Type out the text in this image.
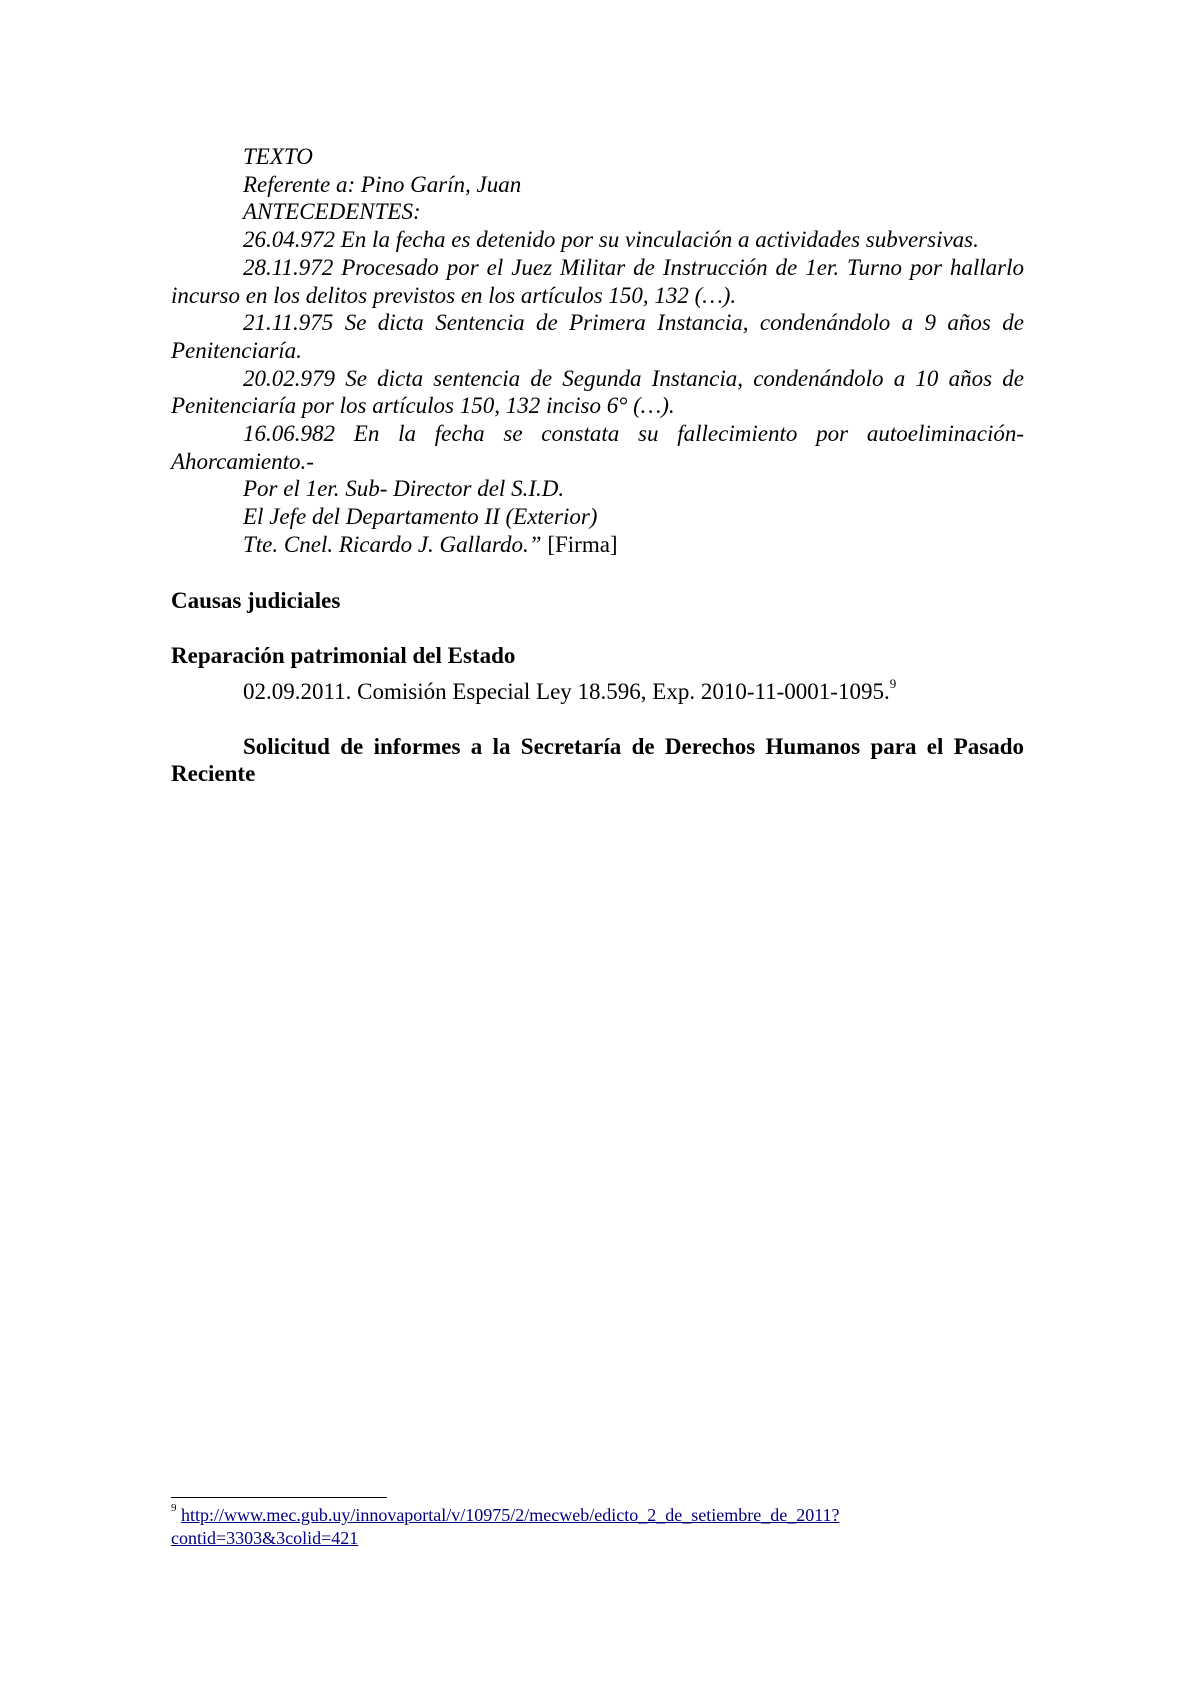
TEXTO

Referente a: Pino Garín, Juan

ANTECEDENTES:

26.04.972 En la fecha es detenido por su vinculación a actividades subversivas.

28.11.972 Procesado por el Juez Militar de Instrucción de 1er. Turno por hallarlo incurso en los delitos previstos en los artículos 150, 132 (…).

21.11.975 Se dicta Sentencia de Primera Instancia, condenándolo a 9 años de Penitenciaría.

20.02.979 Se dicta sentencia de Segunda Instancia, condenándolo a 10 años de Penitenciaría por los artículos 150, 132 inciso 6° (…).

16.06.982 En la fecha se constata su fallecimiento por autoeliminación- Ahorcamiento.-

Por el 1er. Sub- Director del S.I.D.

El Jefe del Departamento II (Exterior)

Tte. Cnel. Ricardo J. Gallardo.” [Firma]

Causas judiciales

Reparación patrimonial del Estado

02.09.2011. Comisión Especial Ley 18.596, Exp. 2010-11-0001-1095.$^9$

Solicitud de informes a la Secretaría de Derechos Humanos para el Pasado Reciente

$^9$ http://www.mec.gub.uy/innovaportal/v/10975/2/mecweb/edicto_2_de_setiembre_de_2011?
contid=3303&3colid=421
